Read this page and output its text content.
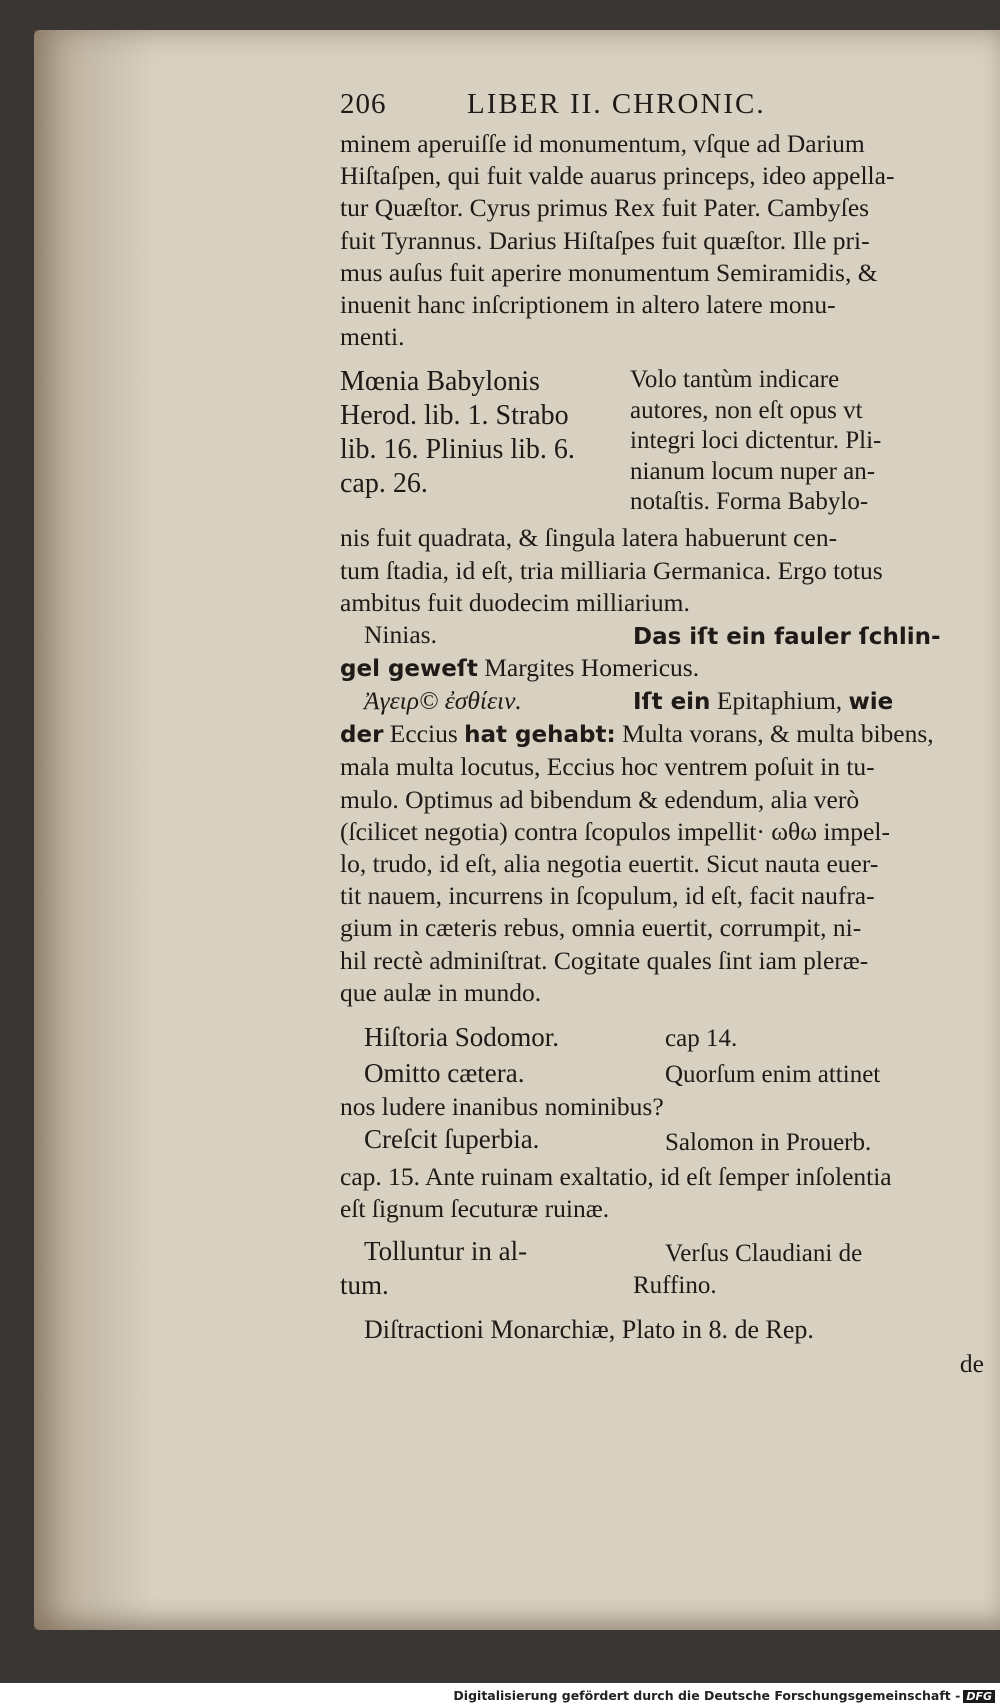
206	LIBER II. CHRONIC.
minem aperuiſſe id monumentum, vſque ad Darium
Hiſtaſpen, qui fuit valde auarus princeps, ideo appella-
tur Quæſtor. Cyrus primus Rex fuit Pater. Cambyſes
fuit Tyrannus. Darius Hiſtaſpes fuit quæſtor. Ille pri-
mus auſus fuit aperire monumentum Semiramidis, &
inuenit hanc inſcriptionem in altero latere monu-
menti.
Mœnia Babylonis
Herod. lib. 1. Strabo
lib. 16. Plinius lib. 6.
cap. 26.
Volo tantùm indicare
autores, non eſt opus vt
integri loci dictentur. Pli-
nianum locum nuper an-
notaſtis. Forma Babylo-
nis fuit quadrata, & ſingula latera habuerunt cen-
tum ſtadia, id eſt, tria milliaria Germanica. Ergo totus
ambitus fuit duodecim milliarium.
Ninias.	Das iſt ein fauler ſchlin-
gel geweſt Margites Homericus.
Ἀγειρ© ἐσθίειν.	Iſt ein Epitaphium, wie
der Eccius hat gehabt: Multa vorans, & multa bibens,
mala multa locutus, Eccius hoc ventrem poſuit in tu-
mulo. Optimus ad bibendum & edendum, alia verò
(ſcilicet negotia) contra ſcopulos impellit· ωθω impel-
lo, trudo, id eſt, alia negotia euertit. Sicut nauta euer-
tit nauem, incurrens in ſcopulum, id eſt, facit naufra-
gium in cæteris rebus, omnia euertit, corrumpit, ni-
hil rectè adminiſtrat. Cogitate quales ſint iam pleræ-
que aulæ in mundo.
Hiſtoria Sodomor.	cap 14.
Omitto cætera.	Quorſum enim attinet
nos ludere inanibus nominibus?
Creſcit ſuperbia.	Salomon in Prouerb.
cap. 15. Ante ruinam exaltatio, id eſt ſemper inſolentia
eſt ſignum ſecuturæ ruinæ.
Tolluntur in al-
tum.
Verſus Claudiani de
Ruffino.
Diſtractioni Monarchiæ, Plato in 8. de Rep.
de
Digitalisierung gefördert durch die Deutsche Forschungsgemeinschaft - DFG
